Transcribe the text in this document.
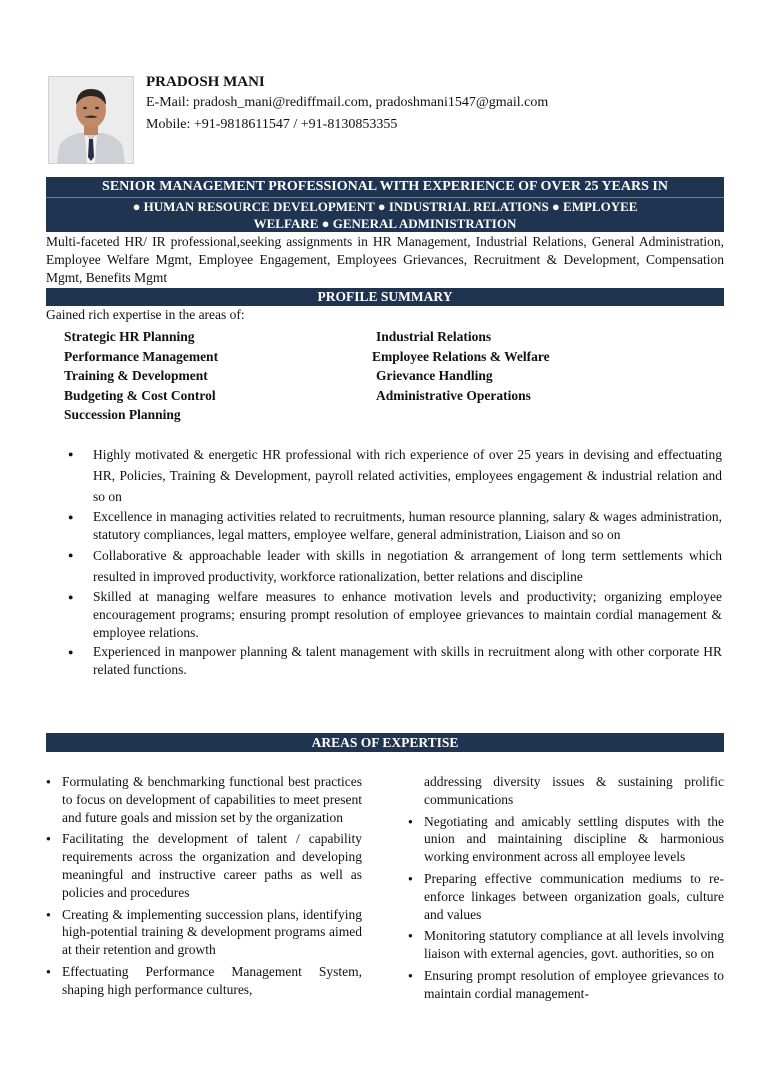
PRADOSH MANI
E-Mail: pradosh_mani@rediffmail.com, pradoshmani1547@gmail.com
Mobile: +91-9818611547 / +91-8130853355
SENIOR MANAGEMENT PROFESSIONAL WITH EXPERIENCE OF OVER 25 YEARS IN
● HUMAN RESOURCE DEVELOPMENT ● INDUSTRIAL RELATIONS ● EMPLOYEE
WELFARE ● GENERAL ADMINISTRATION
Multi-faceted HR/ IR professional,seeking assignments in HR Management, Industrial Relations, General Administration, Employee Welfare Mgmt, Employee Engagement, Employees Grievances, Recruitment & Development, Compensation Mgmt, Benefits Mgmt
PROFILE SUMMARY
Gained rich expertise in the areas of:
Strategic HR Planning	Industrial Relations
Performance Management	Employee Relations & Welfare
Training & Development	Grievance Handling
Budgeting & Cost Control	Administrative Operations
Succession Planning
● Highly motivated & energetic HR professional with rich experience of over 25 years in devising and effectuating HR, Policies, Training & Development, payroll related activities, employees engagement & industrial relation and so on
● Excellence in managing activities related to recruitments, human resource planning, salary & wages administration, statutory compliances, legal matters, employee welfare, general administration, Liaison and so on
● Collaborative & approachable leader with skills in negotiation & arrangement of long term settlements which resulted in improved productivity, workforce rationalization, better relations and discipline
● Skilled at managing welfare measures to enhance motivation levels and productivity; organizing employee encouragement programs; ensuring prompt resolution of employee grievances to maintain cordial management & employee relations.
● Experienced in manpower planning & talent management with skills in recruitment along with other corporate HR related functions.
AREAS OF EXPERTISE
● Formulating & benchmarking functional best practices to focus on development of capabilities to meet present and future goals and mission set by the organization
● Facilitating the development of talent / capability requirements across the organization and developing meaningful and instructive career paths as well as policies and procedures
● Creating & implementing succession plans, identifying high-potential training & development programs aimed at their retention and growth
● Effectuating Performance Management System, shaping high performance cultures,
addressing diversity issues & sustaining prolific communications
● Negotiating and amicably settling disputes with the union and maintaining discipline & harmonious working environment across all employee levels
● Preparing effective communication mediums to re-enforce linkages between organization goals, culture and values
● Monitoring statutory compliance at all levels involving liaison with external agencies, govt. authorities, so on
● Ensuring prompt resolution of employee grievances to maintain cordial management-
